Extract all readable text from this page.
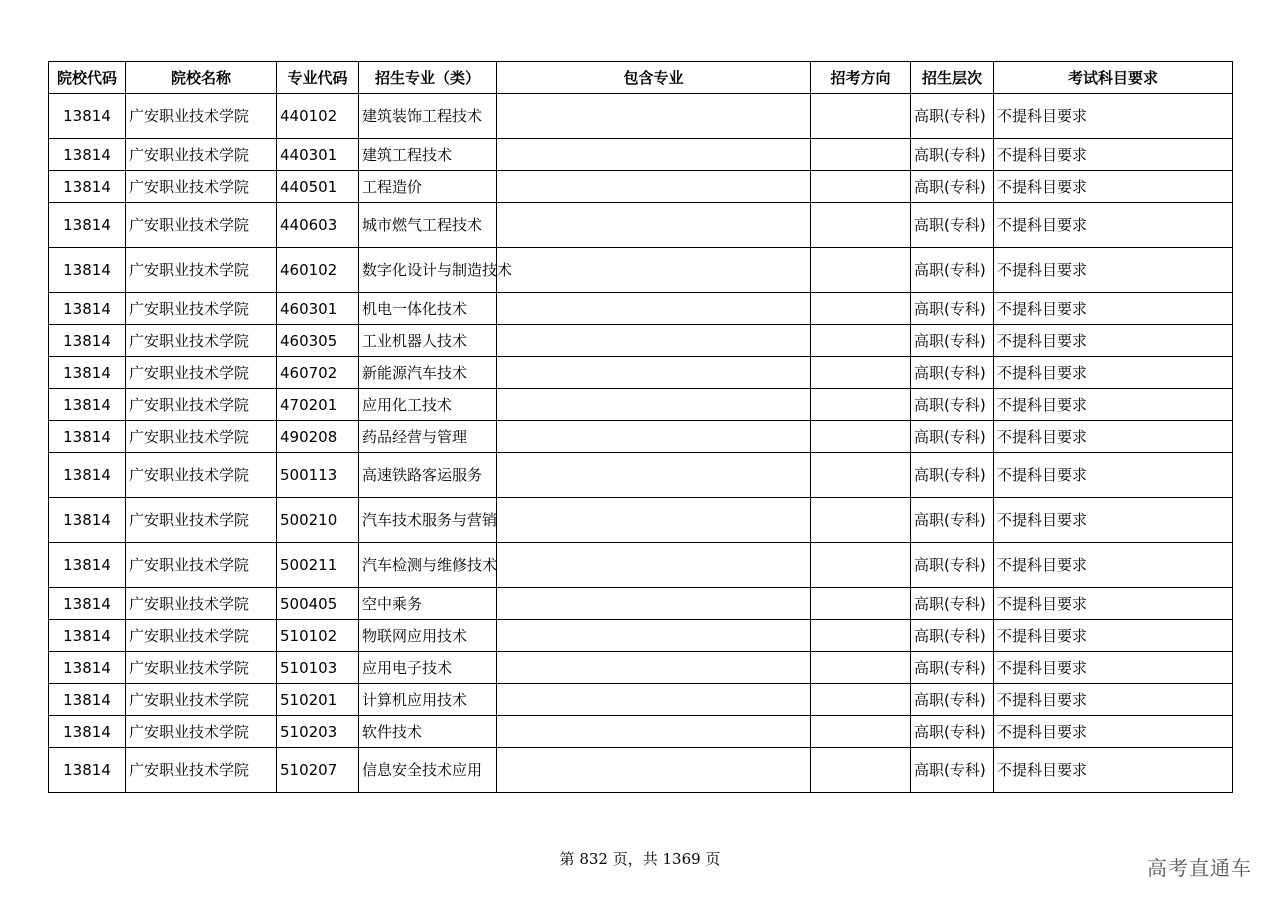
院校代码	院校名称	专业代码	招生专业（类）	包含专业	招考方向	招生层次	考试科目要求
13814	广安职业技术学院	440102	建筑装饰工程技术			高职(专科)	不提科目要求
13814	广安职业技术学院	440301	建筑工程技术			高职(专科)	不提科目要求
13814	广安职业技术学院	440501	工程造价			高职(专科)	不提科目要求
13814	广安职业技术学院	440603	城市燃气工程技术			高职(专科)	不提科目要求
13814	广安职业技术学院	460102	数字化设计与制造技术			高职(专科)	不提科目要求
13814	广安职业技术学院	460301	机电一体化技术			高职(专科)	不提科目要求
13814	广安职业技术学院	460305	工业机器人技术			高职(专科)	不提科目要求
13814	广安职业技术学院	460702	新能源汽车技术			高职(专科)	不提科目要求
13814	广安职业技术学院	470201	应用化工技术			高职(专科)	不提科目要求
13814	广安职业技术学院	490208	药品经营与管理			高职(专科)	不提科目要求
13814	广安职业技术学院	500113	高速铁路客运服务			高职(专科)	不提科目要求
13814	广安职业技术学院	500210	汽车技术服务与营销			高职(专科)	不提科目要求
13814	广安职业技术学院	500211	汽车检测与维修技术			高职(专科)	不提科目要求
13814	广安职业技术学院	500405	空中乘务			高职(专科)	不提科目要求
13814	广安职业技术学院	510102	物联网应用技术			高职(专科)	不提科目要求
13814	广安职业技术学院	510103	应用电子技术			高职(专科)	不提科目要求
13814	广安职业技术学院	510201	计算机应用技术			高职(专科)	不提科目要求
13814	广安职业技术学院	510203	软件技术			高职(专科)	不提科目要求
13814	广安职业技术学院	510207	信息安全技术应用			高职(专科)	不提科目要求
第 832 页，共 1369 页	高考直通车
